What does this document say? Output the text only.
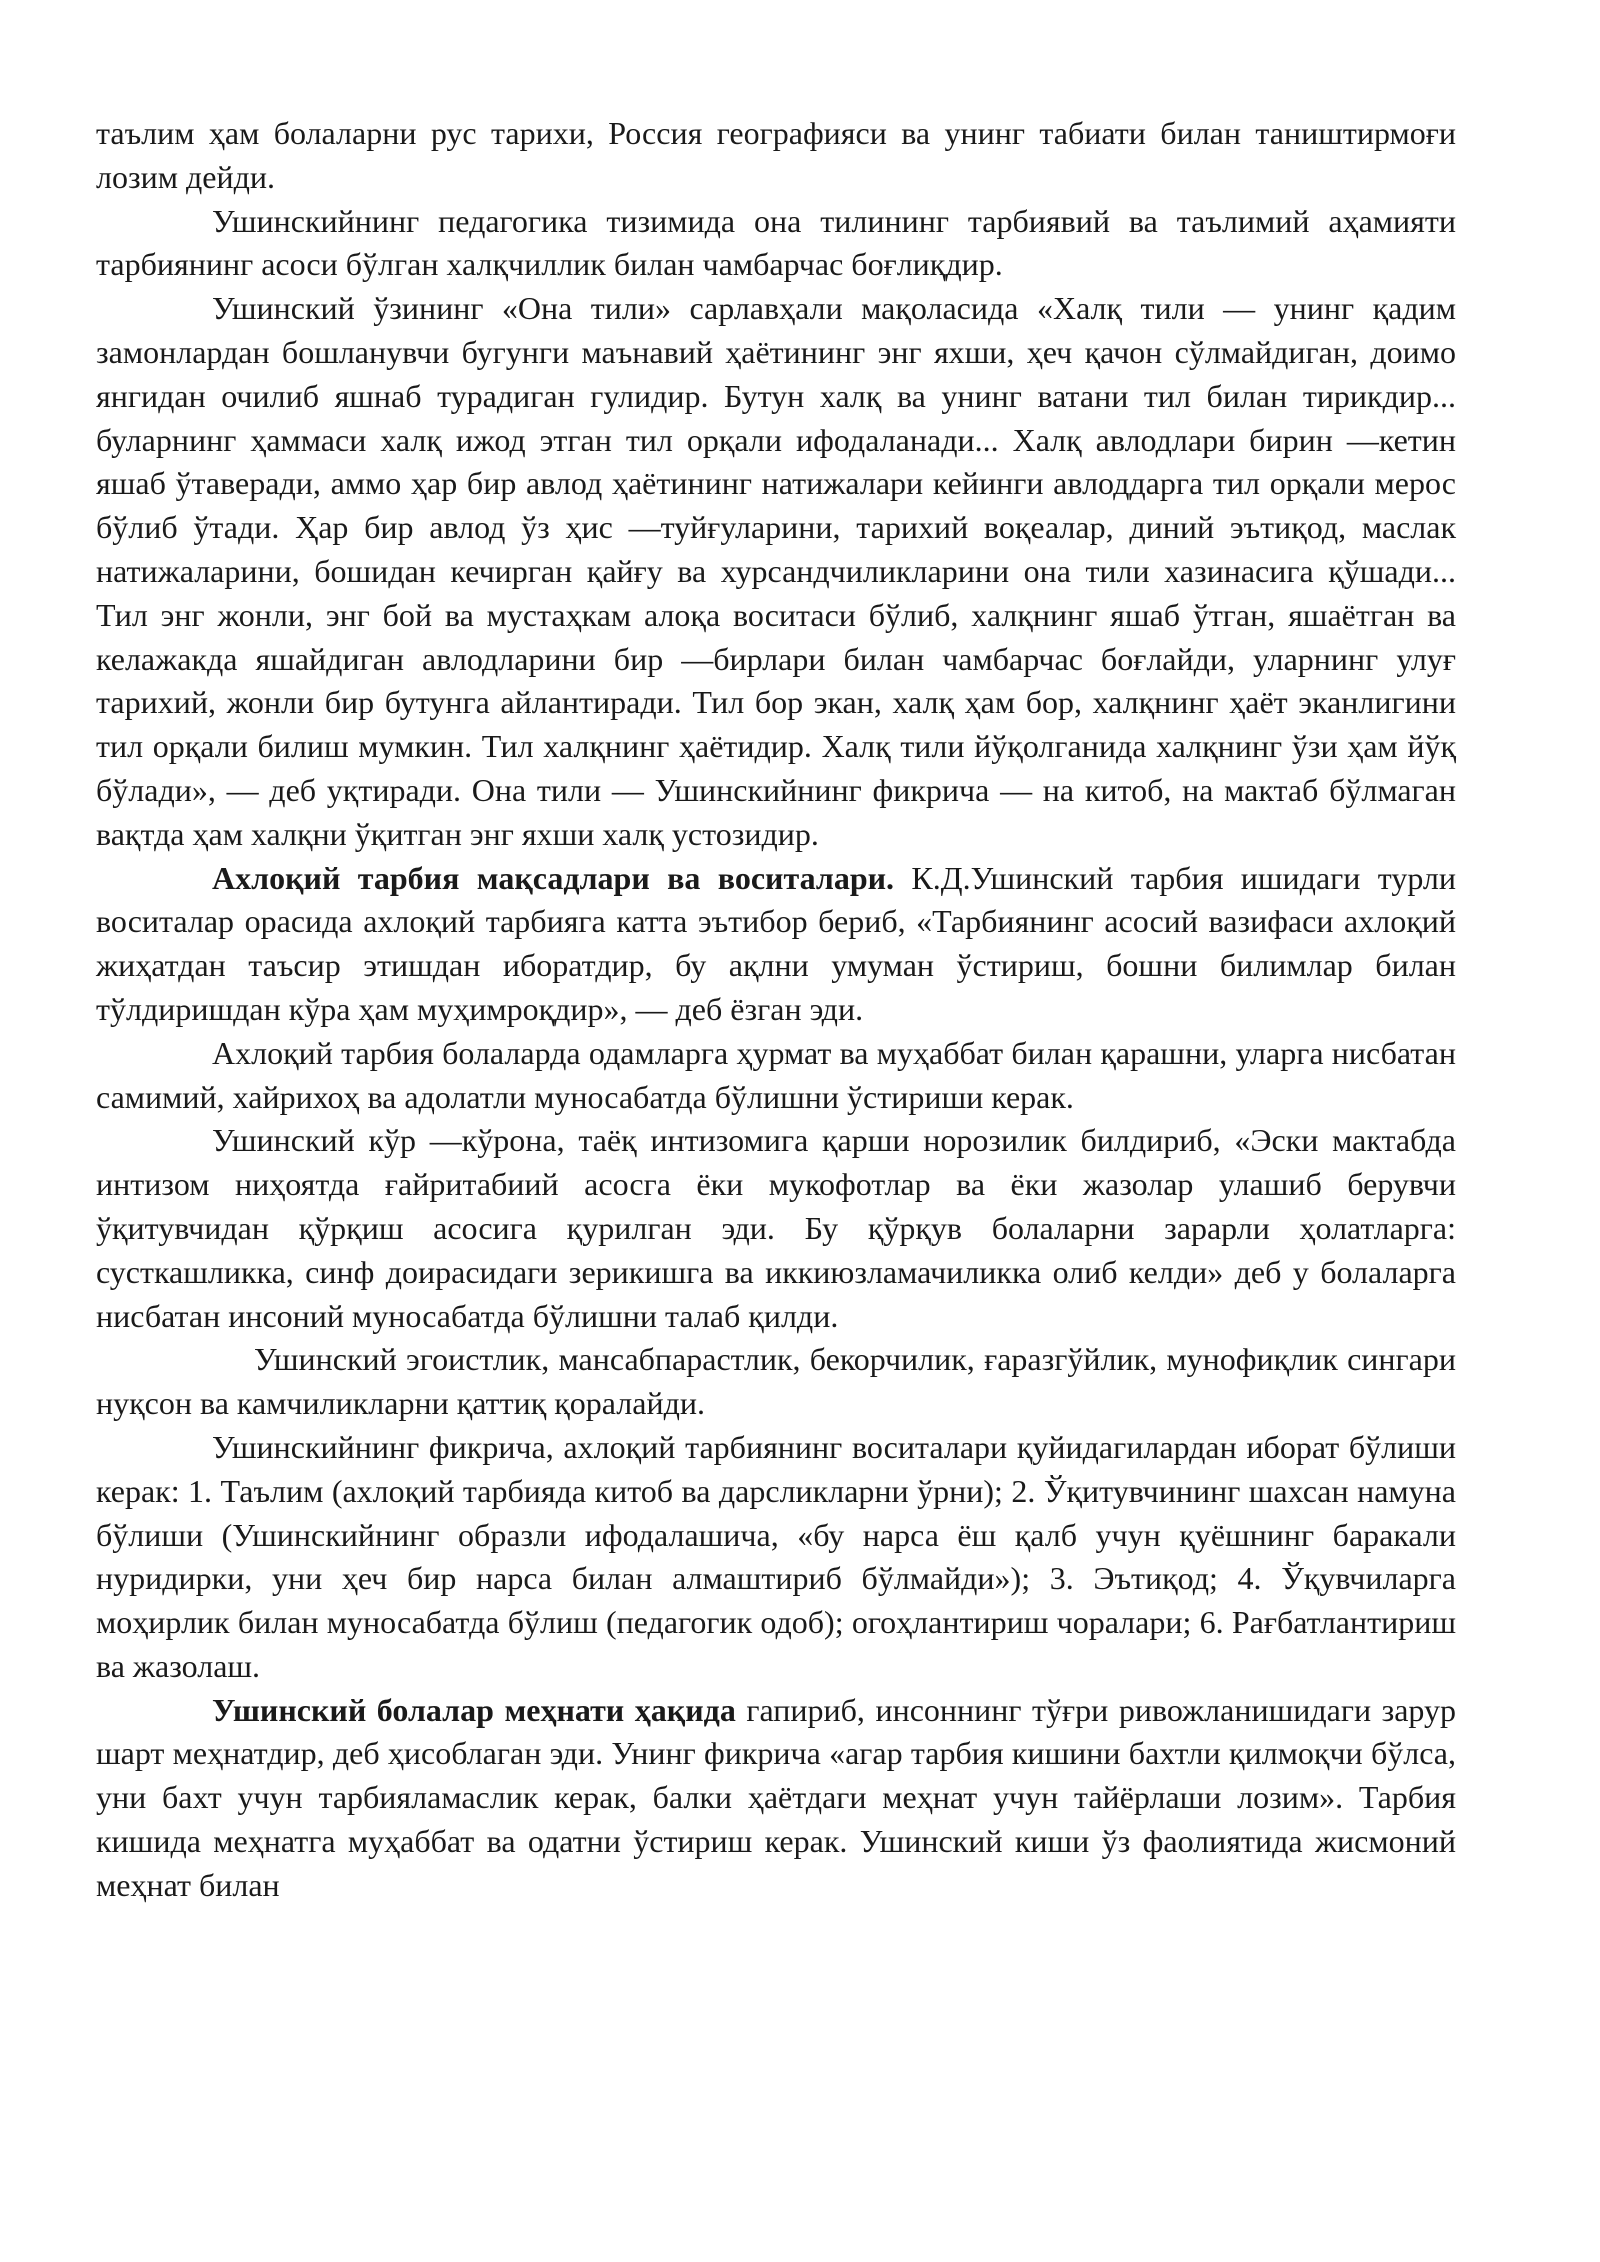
таълим ҳам болаларни рус тарихи, Россия географияси ва унинг табиати билан таништирмоғи лозим дейди.

Ушинскийнинг педагогика тизимида она тилининг тарбиявий ва таълимий аҳамияти тарбиянинг асоси бўлган халқчиллик билан чамбарчас боғлиқдир.

Ушинский ўзининг «Она тили» сарлавҳали мақоласида «Халқ тили — унинг қадим замонлардан бошланувчи бугунги маънавий ҳаётининг энг яхши, ҳеч қачон сўлмайдиган, доимо янгидан очилиб яшнаб турадиган гулидир. Бутун халқ ва унинг ватани тил билан тирикдир... буларнинг ҳаммаси халқ ижод этган тил орқали ифодаланади... Халқ авлодлари бирин —кетин яшаб ўтаверади, аммо ҳар бир авлод ҳаётининг натижалари кейинги авлоддарга тил орқали мерос бўлиб ўтади. Ҳар бир авлод ўз ҳис —туйғуларини, тарихий воқеалар, диний эътиқод, маслак натижаларини, бошидан кечирган қайғу ва хурсандчиликларини она тили хазинасига қўшади... Тил энг жонли, энг бой ва мустаҳкам алоқа воситаси бўлиб, халқнинг яшаб ўтган, яшаётган ва келажакда яшайдиган авлодларини бир —бирлари билан чамбарчас боғлайди, уларнинг улуғ тарихий, жонли бир бутунга айлантиради. Тил бор экан, халқ ҳам бор, халқнинг ҳаёт эканлигини тил орқали билиш мумкин. Тил халқнинг ҳаётидир. Халқ тили йўқолганида халқнинг ўзи ҳам йўқ бўлади», — деб уқтиради. Она тили — Ушинскийнинг фикрича — на китоб, на мактаб бўлмаган вақтда ҳам халқни ўқитган энг яхши халқ устозидир.

Ахлоқий тарбия мақсадлари ва воситалари. К.Д.Ушинский тарбия ишидаги турли воситалар орасида ахлоқий тарбияга катта эътибор бериб, «Тарбиянинг асосий вазифаси ахлоқий жиҳатдан таъсир этишдан иборатдир, бу ақлни умуман ўстириш, бошни билимлар билан тўлдиришдан кўра ҳам муҳимроқдир», — деб ёзган эди.

Ахлоқий тарбия болаларда одамларга ҳурмат ва муҳаббат билан қарашни, уларга нисбатан самимий, хайрихоҳ ва адолатли муносабатда бўлишни ўстириши керак.

Ушинский кўр —кўрона, таёқ интизомига қарши норозилик билдириб, «Эски мактабда интизом ниҳоятда ғайритабиий асосга ёки мукофотлар ва ёки жазолар улашиб берувчи ўқитувчидан қўрқиш асосига қурилган эди. Бу қўрқув болаларни зарарли ҳолатларга: сусткашликка, синф доирасидаги зерикишга ва иккиюзламачиликка олиб келди» деб у болаларга нисбатан инсоний муносабатда бўлишни талаб қилди.

Ушинский эгоистлик, мансабпарастлик, бекорчилик, ғаразгўйлик, мунофиқлик сингари нуқсон ва камчиликларни қаттиқ қоралайди.

Ушинскийнинг фикрича, ахлоқий тарбиянинг воситалари қуйидагилардан иборат бўлиши керак: 1. Таълим (ахлоқий тарбияда китоб ва дарсликларни ўрни); 2. Ўқитувчининг шахсан намуна бўлиши (Ушинскийнинг образли ифодалашича, «бу нарса ёш қалб учун қуёшнинг баракали нуридирки, уни ҳеч бир нарса билан алмаштириб бўлмайди»); 3. Эътиқод; 4. Ўқувчиларга моҳирлик билан муносабатда бўлиш (педагогик одоб); огоҳлантириш чоралари; 6. Рағбатлантириш ва жазолаш.

Ушинский болалар меҳнати ҳақида гапириб, инсоннинг тўғри ривожланишидаги зарур шарт меҳнатдир, деб ҳисоблаган эди. Унинг фикрича «агар тарбия кишини бахтли қилмоқчи бўлса, уни бахт учун тарбияламаслик керак, балки ҳаётдаги меҳнат учун тайёрлаши лозим». Тарбия кишида меҳнатга муҳаббат ва одатни ўстириш керак. Ушинский киши ўз фаолиятида жисмоний меҳнат билан
